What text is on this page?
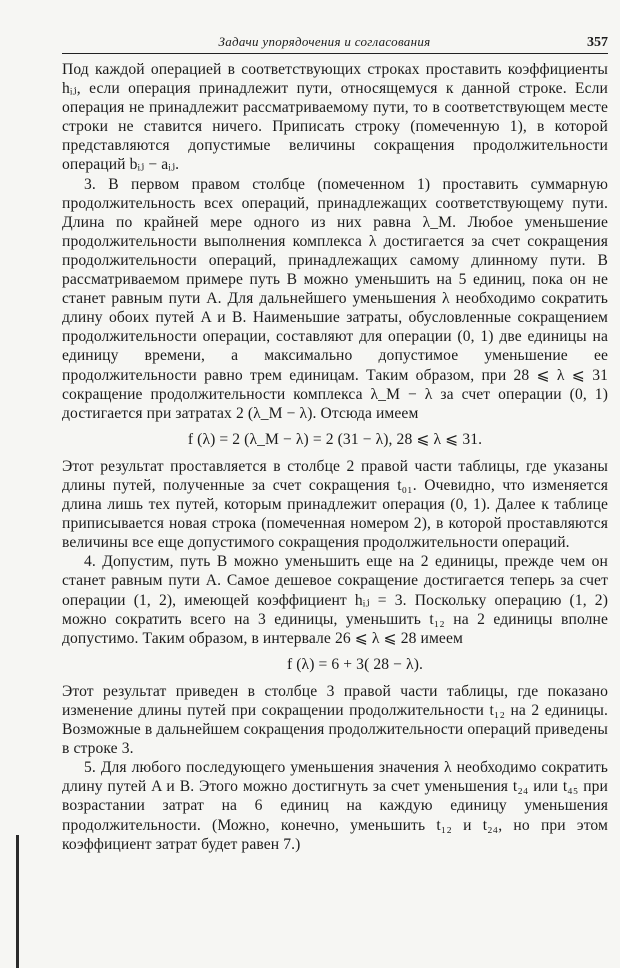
Задачи упорядочения и согласования	357

Под каждой операцией в соответствующих строках проставить коэффициенты hᵢⱼ, если операция принадлежит пути, относящемуся к данной строке. Если операция не принадлежит рассматриваемому пути, то в соответствующем месте строки не ставится ничего. Приписать строку (помеченную 1), в которой представляются допустимые величины сокращения продолжительности операций bᵢⱼ − aᵢⱼ.

3. В первом правом столбце (помеченном 1) проставить суммарную продолжительность всех операций, принадлежащих соответствующему пути. Длина по крайней мере одного из них равна λ_M. Любое уменьшение продолжительности выполнения комплекса λ достигается за счет сокращения продолжительности операций, принадлежащих самому длинному пути. В рассматриваемом примере путь B можно уменьшить на 5 единиц, пока он не станет равным пути A. Для дальнейшего уменьшения λ необходимо сократить длину обоих путей A и B. Наименьшие затраты, обусловленные сокращением продолжительности операции, составляют для операции (0, 1) две единицы на единицу времени, а максимально допустимое уменьшение ее продолжительности равно трем единицам. Таким образом, при 28 ⩽ λ ⩽ 31 сокращение продолжительности комплекса λ_M − λ за счет операции (0, 1) достигается при затратах 2 (λ_M − λ). Отсюда имеем

f (λ) = 2 (λ_M − λ) = 2 (31 − λ), 28 ⩽ λ ⩽ 31.

Этот результат проставляется в столбце 2 правой части таблицы, где указаны длины путей, полученные за счет сокращения t₀₁. Очевидно, что изменяется длина лишь тех путей, которым принадлежит операция (0, 1). Далее к таблице приписывается новая строка (помеченная номером 2), в которой проставляются величины все еще допустимого сокращения продолжительности операций.

4. Допустим, путь B можно уменьшить еще на 2 единицы, прежде чем он станет равным пути A. Самое дешевое сокращение достигается теперь за счет операции (1, 2), имеющей коэффициент hᵢⱼ = 3. Поскольку операцию (1, 2) можно сократить всего на 3 единицы, уменьшить t₁₂ на 2 единицы вполне допустимо. Таким образом, в интервале 26 ⩽ λ ⩽ 28 имеем

f (λ) = 6 + 3( 28 − λ).

Этот результат приведен в столбце 3 правой части таблицы, где показано изменение длины путей при сокращении продолжительности t₁₂ на 2 единицы. Возможные в дальнейшем сокращения продолжительности операций приведены в строке 3.

5. Для любого последующего уменьшения значения λ необходимо сократить длину путей A и B. Этого можно достигнуть за счет уменьшения t₂₄ или t₄₅ при возрастании затрат на 6 единиц на каждую единицу уменьшения продолжительности. (Можно, конечно, уменьшить t₁₂ и t₂₄, но при этом коэффициент затрат будет равен 7.)
